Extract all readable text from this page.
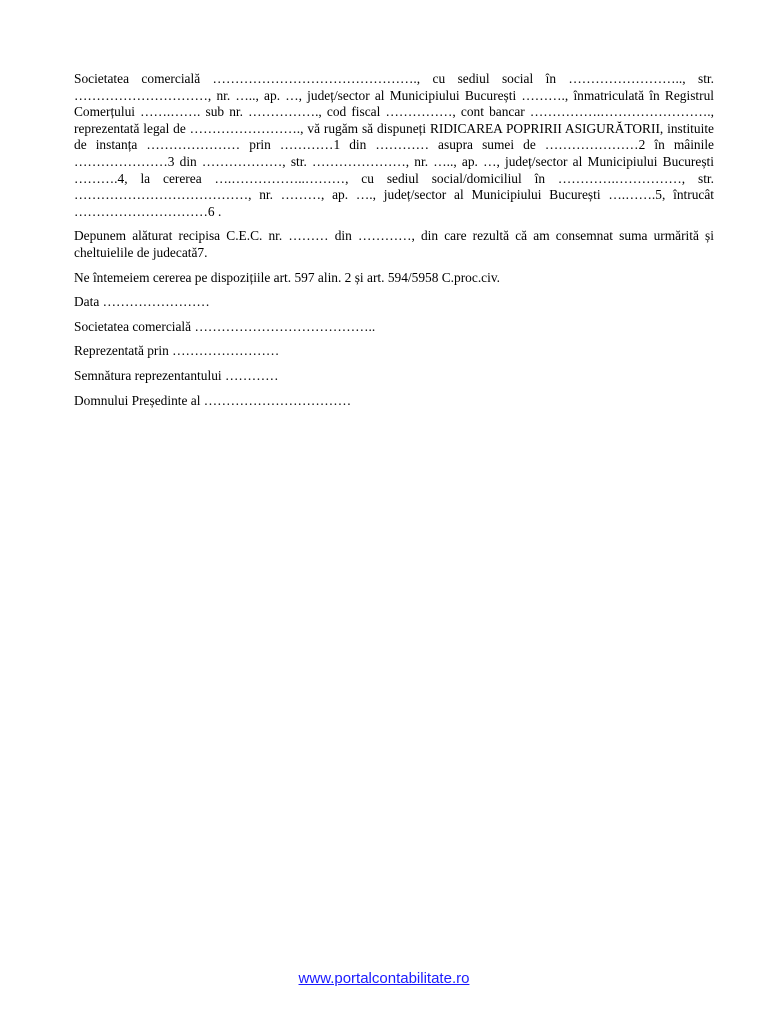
Societatea comercială ………………………………………., cu sediul social în …………………….., str. …………………………, nr. ….., ap. …, județ/sector al Municipiului București ………., înmatriculată în Registrul Comerțului …….……. sub nr. ……………., cod fiscal ……………, cont bancar …………….……………………., reprezentată legal de ……………………., vă rugăm să dispuneți RIDICAREA POPRIRII ASIGURĂTORII, instituite de instanța ………………… prin …………1 din ………… asupra sumei de …………………2 în mâinile …………………3 din ………………, str. …………………, nr. ….., ap. …, județ/sector al Municipiului București ……….4, la cererea ….……………..………, cu sediul social/domiciliul în ………….……………, str. …………………………………, nr. ………, ap. …., județ/sector al Municipiului București ….…….5, întrucât …………………………6 .

Depunem alăturat recipisa C.E.C. nr. ……… din …………, din care rezultă că am consemnat suma urmărită și cheltuielile de judecată7.

Ne întemeiem cererea pe dispozițiile art. 597 alin. 2 și art. 594/5958 C.proc.civ.

Data ……………………
Societatea comercială …………………………………..
Reprezentată prin ……………………
Semnătura reprezentantului …………
Domnului Președinte al ……………………………
www.portalcontabilitate.ro
